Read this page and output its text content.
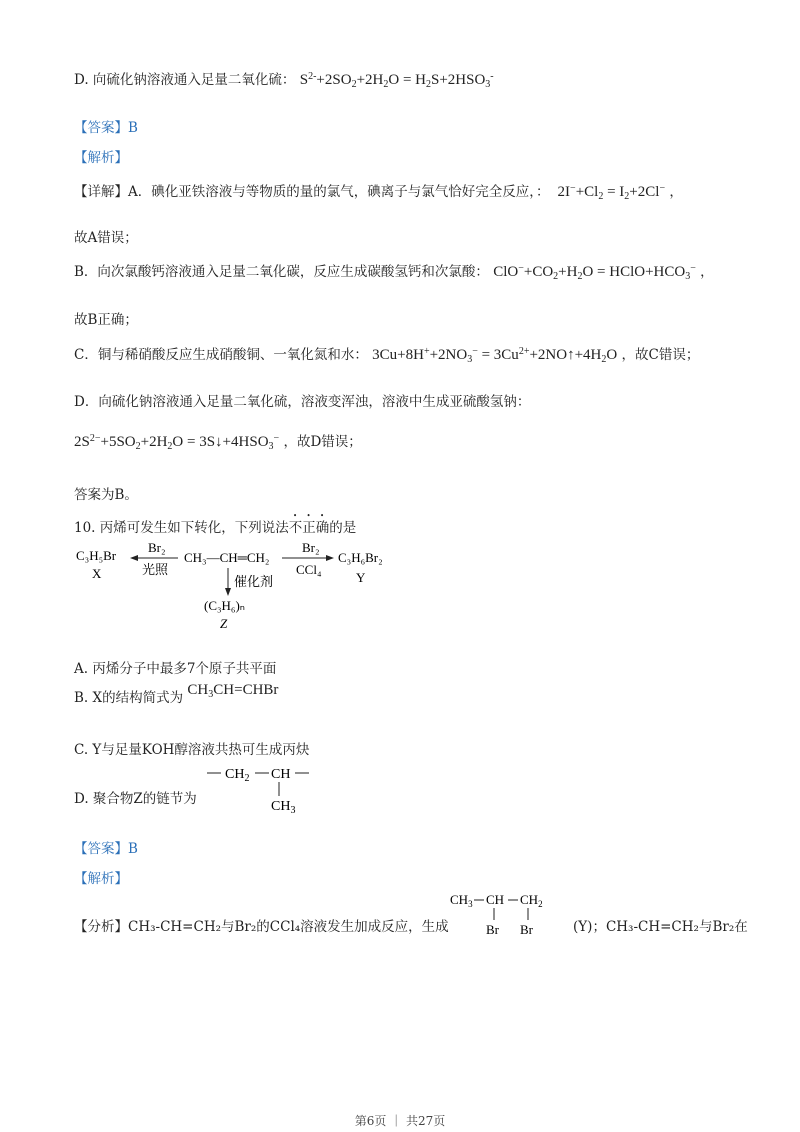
D. 向硫化钠溶液通入足量二氧化硫： $S^{2-}+2SO_2+2H_2O = H_2S+2HSO_3^-$
【答案】B
【解析】
【详解】A．碘化亚铁溶液与等物质的量的氯气，碘离子与氯气恰好完全反应，：  $2I^-+Cl_2 = I_2+2Cl^-$ ，
故A错误；
B．向次氯酸钙溶液通入足量二氧化碳，反应生成碳酸氢钙和次氯酸： $ClO^-+CO_2+H_2O$ = $HClO+HCO_3^-$ ，
故B正确；
C．铜与稀硝酸反应生成硝酸铜、一氧化氮和水： $3Cu+8H^++2NO_3^-$ = $3Cu^{2+}+2NO↑+4H_2O$ ，故C错误；
D．向硫化钠溶液通入足量二氧化硫，溶液变浑浊，溶液中生成亚硫酸氢钠：
$2S^{2-}+5SO_2+2H_2O$ = $3S↓+4HSO_3^-$ ，故D错误；
答案为B。
10. 丙烯可发生如下转化，下列说法不正确的是
C₃H₅Br
X
Br₂
光照
CH₃—CH═CH₂
Br₂
CCl₄
C₃H₆Br₂
Y
催化剂
(C₃H₆)ₙ
Z
A. 丙烯分子中最多7个原子共平面
B. X的结构简式为 $CH_3CH=CHBr$
C. Y与足量KOH醇溶液共热可生成丙炔
D. 聚合物Z的链节为
$CH_2$ CH
$CH_3$
【答案】B
【解析】
【分析】CH₃-CH=CH₂与Br₂的CCl₄溶液发生加成反应，生成
$CH_3$ CH $CH_2$
Br Br	(Y)；CH₃-CH=CH₂与Br₂在
第6页 ｜ 共27页
